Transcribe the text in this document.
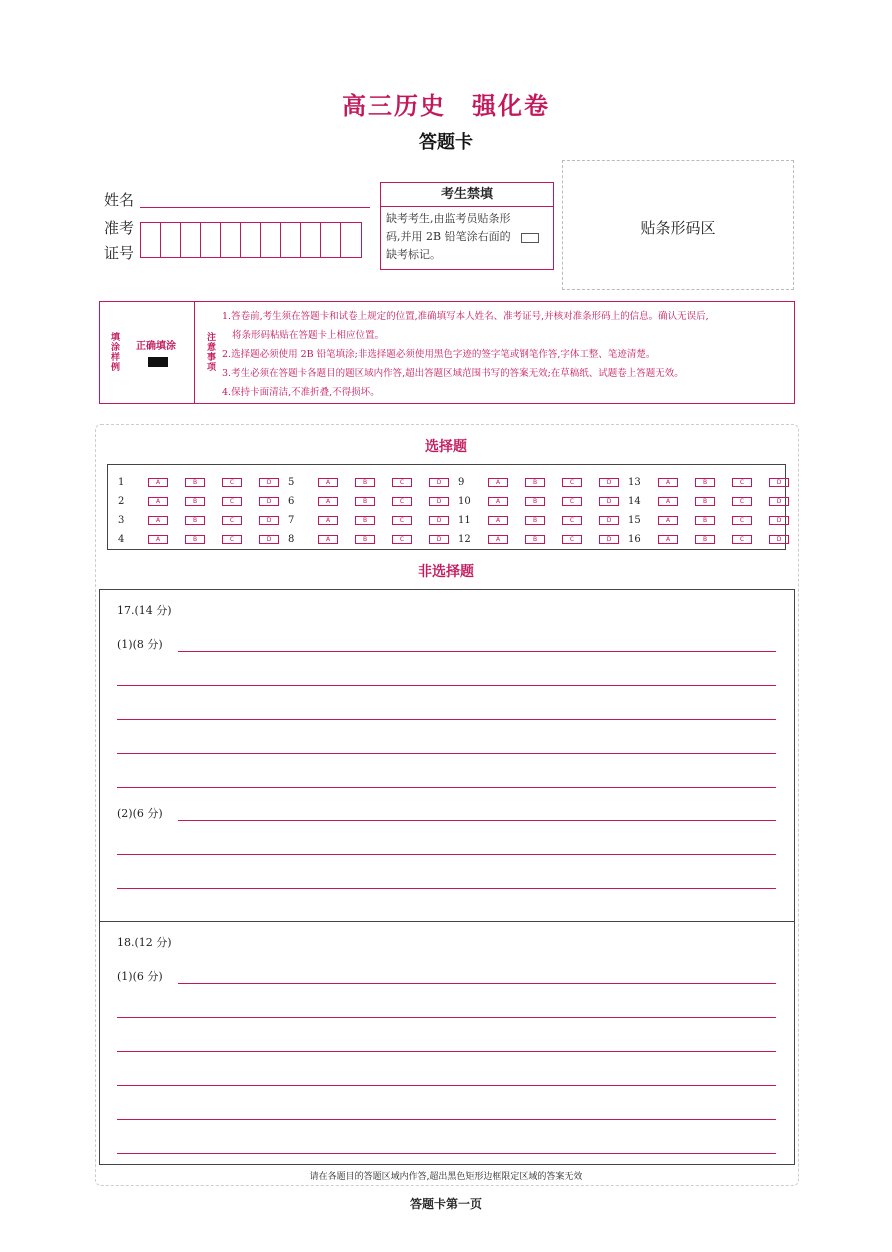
高三历史 强化卷
答题卡
姓名
准考
证号
考生禁填
缺考考生,由监考员贴条形码,并用 2B 铅笔涂右面的缺考标记。
贴条形码区
填涂样例 正确填涂	注意事项
1.答卷前,考生须在答题卡和试卷上规定的位置,准确填写本人姓名、准考证号,并核对准条形码上的信息。确认无误后,
将条形码粘贴在答题卡上相应位置。
2.选择题必须使用 2B 铅笔填涂;非选择题必须使用黑色字迹的签字笔或钢笔作答,字体工整、笔迹清楚。
3.考生必须在答题卡各题目的题区域内作答,超出答题区域范围书写的答案无效;在草稿纸、试题卷上答题无效。
4.保持卡面清洁,不准折叠,不得损坏。
选择题
1	A	B	C	D
2	A	B	C	D
3	A	B	C	D
4	A	B	C	D
5	A	B	C	D
6	A	B	C	D
7	A	B	C	D
8	A	B	C	D
9	A	B	C	D
10	A	B	C	D
11	A	B	C	D
12	A	B	C	D
13	A	B	C	D
14	A	B	C	D
15	A	B	C	D
16	A	B	C	D
非选择题
17.(14 分)
(1)(8 分)
(2)(6 分)
18.(12 分)
(1)(6 分)
请在各题目的答题区域内作答,超出黑色矩形边框限定区域的答案无效
答题卡第一页
